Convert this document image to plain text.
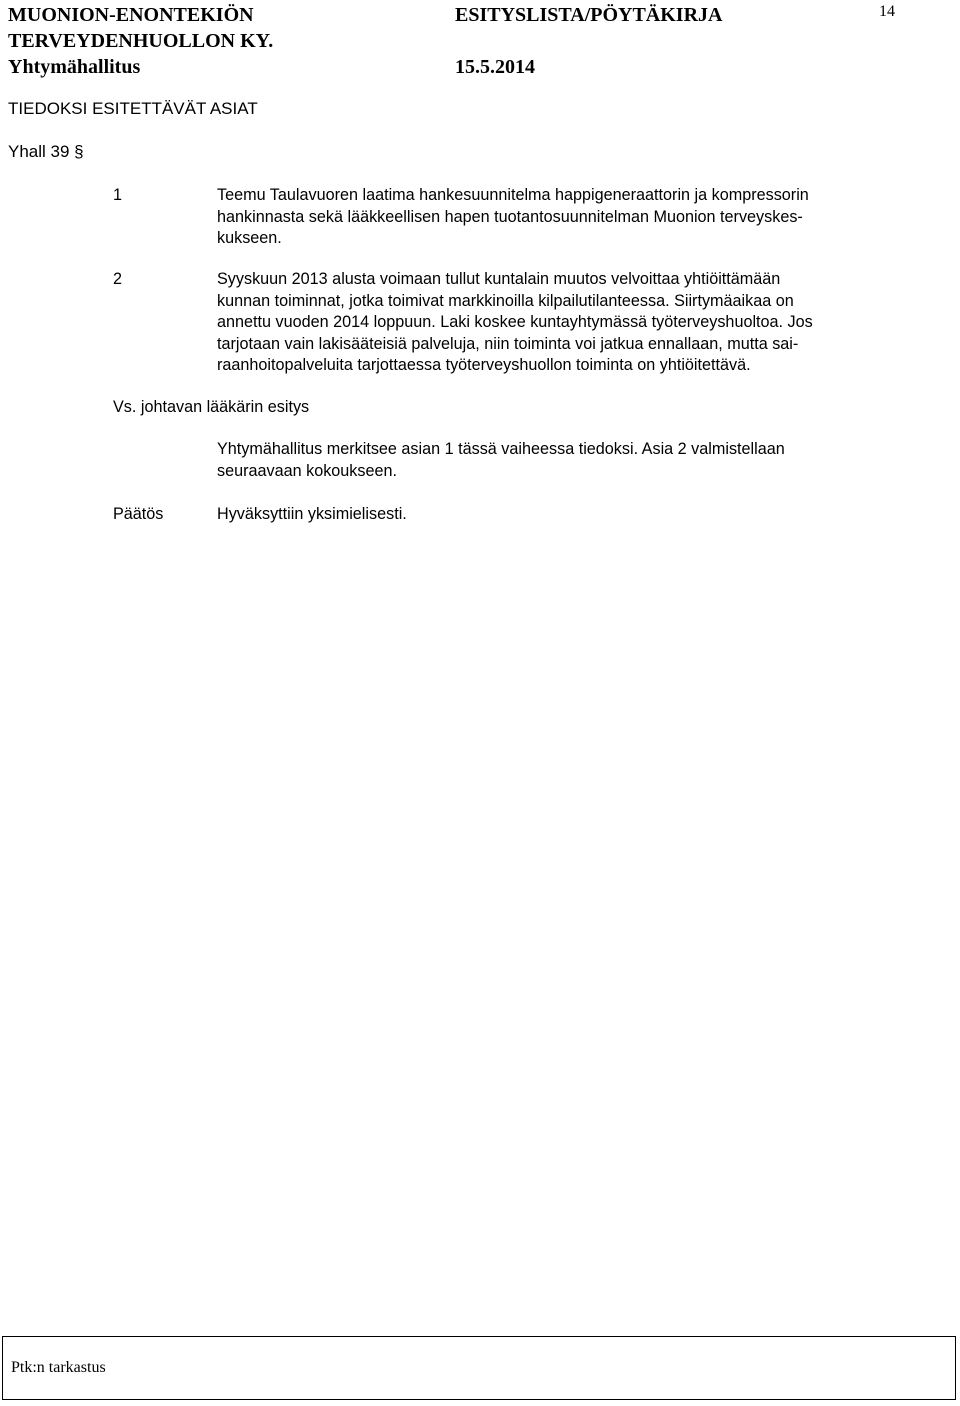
MUONION-ENONTEKIÖN
TERVEYDENHUOLLON KY.
Yhtymähallitus
ESITYSLISTA/PÖYTÄKIRJA
15.5.2014
14
TIEDOKSI ESITETTÄVÄT ASIAT
Yhall 39 §
1	Teemu Taulavuoren laatima hankesuunnitelma happigeneraattorin ja kompressorin
hankinnasta sekä lääkkeellisen hapen tuotantosuunnitelman Muonion terveyskes-
kukseen.
2	Syyskuun 2013 alusta voimaan tullut kuntalain muutos velvoittaa yhtiöittämään
kunnan toiminnat, jotka toimivat markkinoilla kilpailutilanteessa. Siirtymäaikaa on
annettu vuoden 2014 loppuun. Laki koskee kuntayhtymässä työterveyshuoltoa. Jos
tarjotaan vain lakisääteisiä palveluja, niin toiminta voi jatkua ennallaan, mutta sai-
raanhoitopalveluita tarjottaessa työterveyshuollon toiminta on yhtiöitettävä.
Vs. johtavan lääkärin esitys
Yhtymähallitus merkitsee asian 1 tässä vaiheessa tiedoksi. Asia 2 valmistellaan
seuraavaan kokoukseen.
Päätös	Hyväksyttiin yksimielisesti.
Ptk:n tarkastus
